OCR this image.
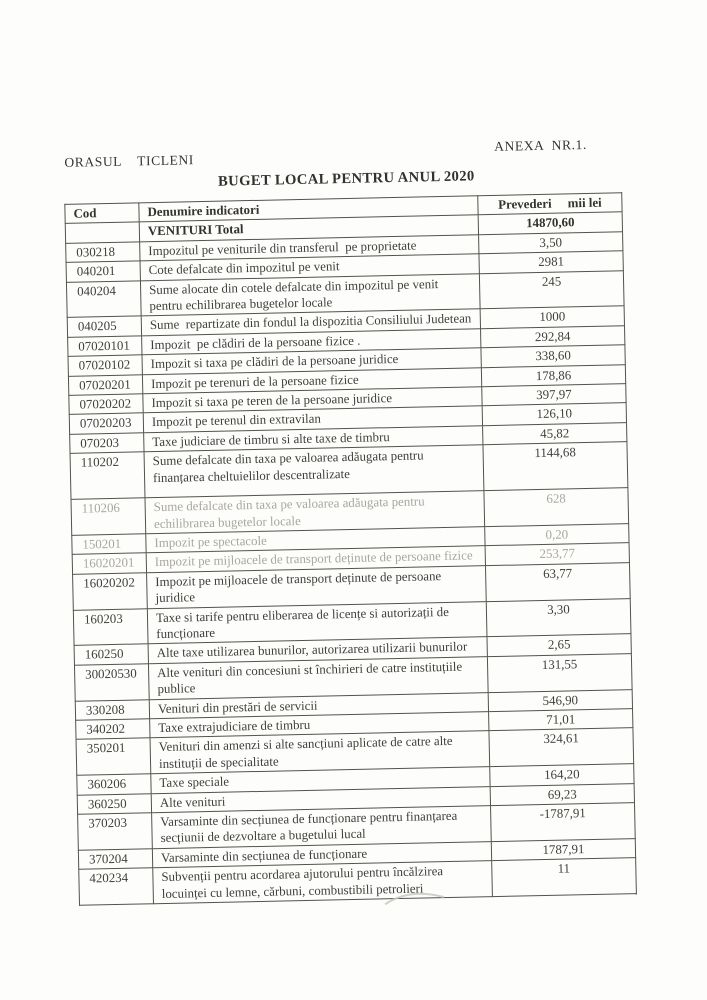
ORASUL    TICLENI
ANEXA  NR.1.
BUGET LOCAL PENTRU ANUL 2020
Cod	Denumire indicatori	Prevederi     mii lei
	VENITURI Total	14870,60
030218	Impozitul pe veniturile din transferul  pe proprietate	3,50
040201	Cote defalcate din impozitul pe venit	2981
040204	Sume alocate din cotele defalcate din impozitul pe venit pentru echilibrarea bugetelor locale	245
040205	Sume  repartizate din fondul la dispozitia Consiliului Judetean	1000
07020101	Impozit  pe clădiri de la persoane fizice .	292,84
07020102	Impozit si taxa pe clădiri de la persoane juridice	338,60
07020201	Impozit pe terenuri de la persoane fizice	178,86
07020202	Impozit si taxa pe teren de la persoane juridice	397,97
07020203	Impozit pe terenul din extravilan	126,10
070203	Taxe judiciare de timbru si alte taxe de timbru	45,82
110202	Sume defalcate din taxa pe valoarea adăugata pentru finanțarea cheltuielilor descentralizate	1144,68
110206	Sume defalcate din taxa pe valoarea adăugata pentru echilibrarea bugetelor locale	628
150201	Impozit pe spectacole	0,20
16020201	Impozit pe mijloacele de transport deținute de persoane fizice	253,77
16020202	Impozit pe mijloacele de transport deținute de persoane juridice	63,77
160203	Taxe si tarife pentru eliberarea de licențe si autorizații de funcționare	3,30
160250	Alte taxe utilizarea bunurilor, autorizarea utilizarii bunurilor	2,65
30020530	Alte venituri din concesiuni st închirieri de catre instituțiile publice	131,55
330208	Venituri din prestări de servicii	546,90
340202	Taxe extrajudiciare de timbru	71,01
350201	Venituri din amenzi si alte sancțiuni aplicate de catre alte instituții de specialitate	324,61
360206	Taxe speciale	164,20
360250	Alte venituri	69,23
370203	Varsaminte din secțiunea de funcționare pentru finanțarea secțiunii de dezvoltare a bugetului lucal	-1787,91
370204	Varsaminte din secțiunea de funcționare	1787,91
420234	Subvenții pentru acordarea ajutorului pentru încălzirea locuinței cu lemne, cărbuni, combustibili petrolieri	11
